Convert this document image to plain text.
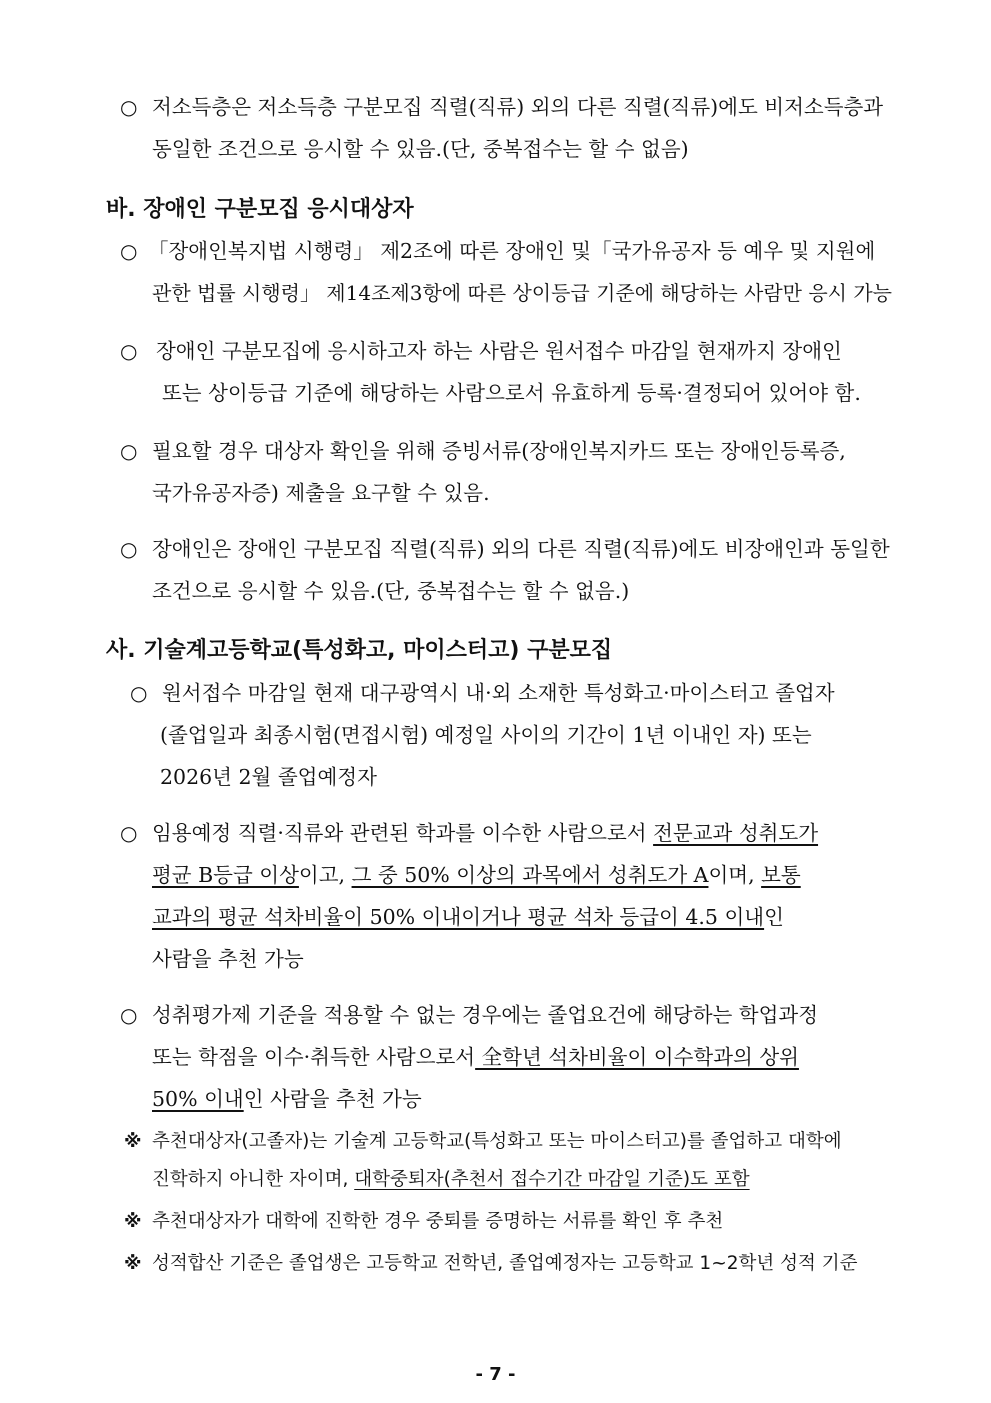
○ 저소득층은 저소득층 구분모집 직렬(직류) 외의 다른 직렬(직류)에도 비저소득층과
동일한 조건으로 응시할 수 있음.(단, 중복접수는 할 수 없음)
바. 장애인 구분모집 응시대상자
○ 「장애인복지법 시행령」 제2조에 따른 장애인 및「국가유공자 등 예우 및 지원에
관한 법률 시행령」 제14조제3항에 따른 상이등급 기준에 해당하는 사람만 응시 가능
○ 장애인 구분모집에 응시하고자 하는 사람은 원서접수 마감일 현재까지 장애인
또는 상이등급 기준에 해당하는 사람으로서 유효하게 등록·결정되어 있어야 함.
○ 필요할 경우 대상자 확인을 위해 증빙서류(장애인복지카드 또는 장애인등록증,
국가유공자증) 제출을 요구할 수 있음.
○ 장애인은 장애인 구분모집 직렬(직류) 외의 다른 직렬(직류)에도 비장애인과 동일한
조건으로 응시할 수 있음.(단, 중복접수는 할 수 없음.)
사. 기술계고등학교(특성화고, 마이스터고) 구분모집
○ 원서접수 마감일 현재 대구광역시 내·외 소재한 특성화고·마이스터고 졸업자
(졸업일과 최종시험(면접시험) 예정일 사이의 기간이 1년 이내인 자) 또는
2026년 2월 졸업예정자
○ 임용예정 직렬·직류와 관련된 학과를 이수한 사람으로서 전문교과 성취도가
평균 B등급 이상이고, 그 중 50% 이상의 과목에서 성취도가 A이며, 보통
교과의 평균 석차비율이 50% 이내이거나 평균 석차 등급이 4.5 이내인
사람을 추천 가능
○ 성취평가제 기준을 적용할 수 없는 경우에는 졸업요건에 해당하는 학업과정
또는 학점을 이수·취득한 사람으로서 全학년 석차비율이 이수학과의 상위
50% 이내인 사람을 추천 가능
※ 추천대상자(고졸자)는 기술계 고등학교(특성화고 또는 마이스터고)를 졸업하고 대학에
진학하지 아니한 자이며, 대학중퇴자(추천서 접수기간 마감일 기준)도 포함
※ 추천대상자가 대학에 진학한 경우 중퇴를 증명하는 서류를 확인 후 추천
※ 성적합산 기준은 졸업생은 고등학교 전학년, 졸업예정자는 고등학교 1~2학년 성적 기준
- 7 -
